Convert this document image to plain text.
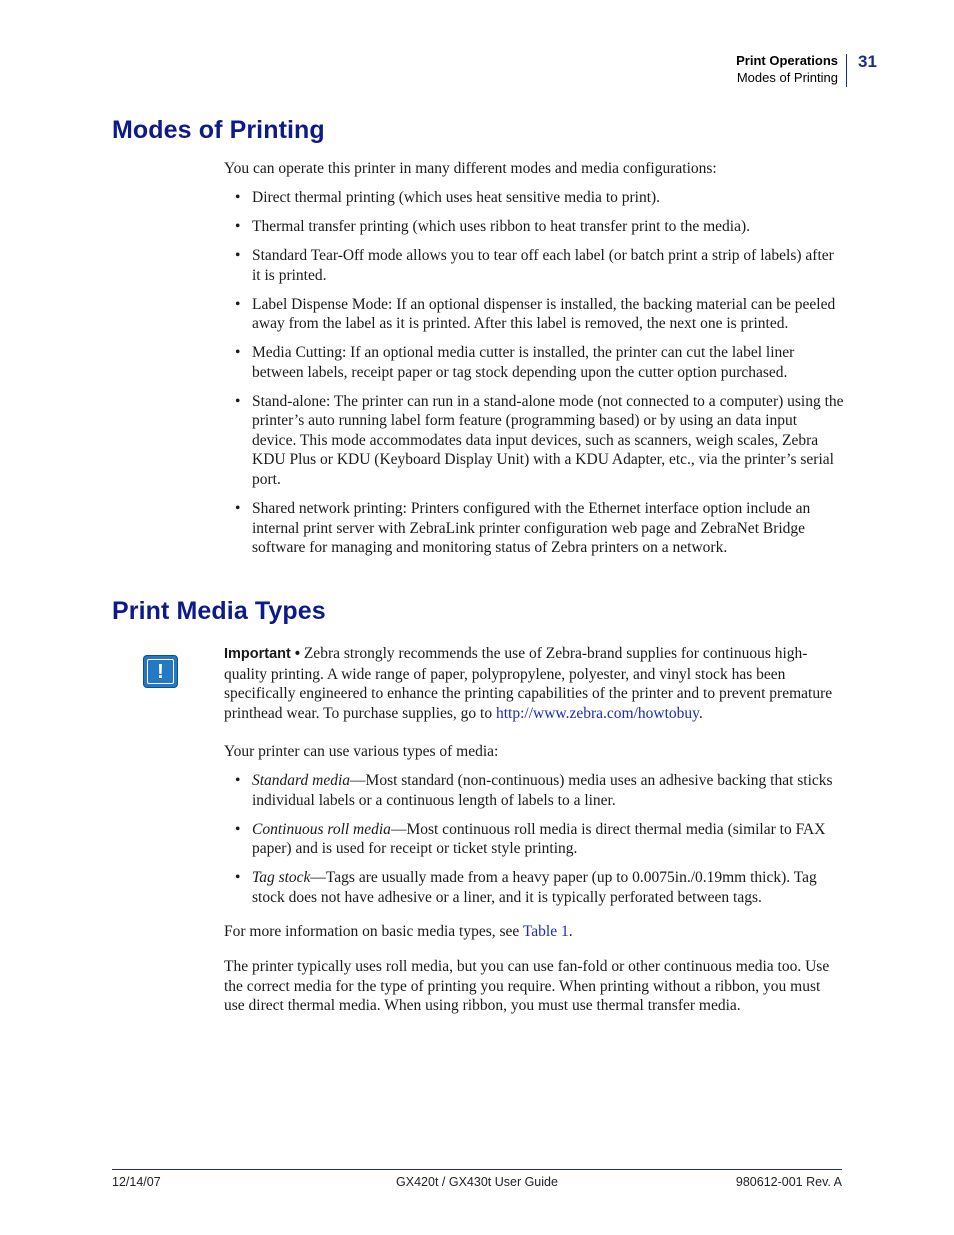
Print Operations
Modes of Printing
31
Modes of Printing

You can operate this printer in many different modes and media configurations:

• Direct thermal printing (which uses heat sensitive media to print).
• Thermal transfer printing (which uses ribbon to heat transfer print to the media).
• Standard Tear-Off mode allows you to tear off each label (or batch print a strip of labels) after it is printed.
• Label Dispense Mode: If an optional dispenser is installed, the backing material can be peeled away from the label as it is printed. After this label is removed, the next one is printed.
• Media Cutting: If an optional media cutter is installed, the printer can cut the label liner between labels, receipt paper or tag stock depending upon the cutter option purchased.
• Stand-alone: The printer can run in a stand-alone mode (not connected to a computer) using the printer’s auto running label form feature (programming based) or by using an data input device. This mode accommodates data input devices, such as scanners, weigh scales, Zebra KDU Plus or KDU (Keyboard Display Unit) with a KDU Adapter, etc., via the printer’s serial port.
• Shared network printing: Printers configured with the Ethernet interface option include an internal print server with ZebraLink printer configuration web page and ZebraNet Bridge software for managing and monitoring status of Zebra printers on a network.
Print Media Types
!

Important • Zebra strongly recommends the use of Zebra-brand supplies for continuous high-quality printing. A wide range of paper, polypropylene, polyester, and vinyl stock has been specifically engineered to enhance the printing capabilities of the printer and to prevent premature printhead wear. To purchase supplies, go to http://www.zebra.com/howtobuy.

Your printer can use various types of media:

• Standard media—Most standard (non-continuous) media uses an adhesive backing that sticks individual labels or a continuous length of labels to a liner.
• Continuous roll media—Most continuous roll media is direct thermal media (similar to FAX paper) and is used for receipt or ticket style printing.
• Tag stock—Tags are usually made from a heavy paper (up to 0.0075in./0.19mm thick). Tag stock does not have adhesive or a liner, and it is typically perforated between tags.

For more information on basic media types, see Table 1.

The printer typically uses roll media, but you can use fan-fold or other continuous media too. Use the correct media for the type of printing you require. When printing without a ribbon, you must use direct thermal media. When using ribbon, you must use thermal transfer media.

12/14/07	GX420t / GX430t User Guide	980612-001 Rev. A
